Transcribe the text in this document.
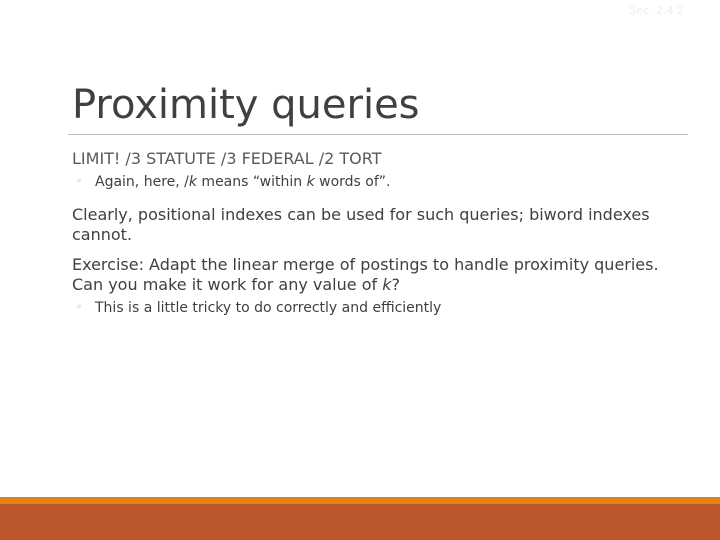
Sec. 2.4.2
Proximity queries

LIMIT! /3 STATUTE /3 FEDERAL /2 TORT

◦ Again, here, /k means “within k words of”.

Clearly, positional indexes can be used for such queries; biword indexes cannot.

Exercise: Adapt the linear merge of postings to handle proximity queries. Can you make it work for any value of k?

◦ This is a little tricky to do correctly and efficiently
